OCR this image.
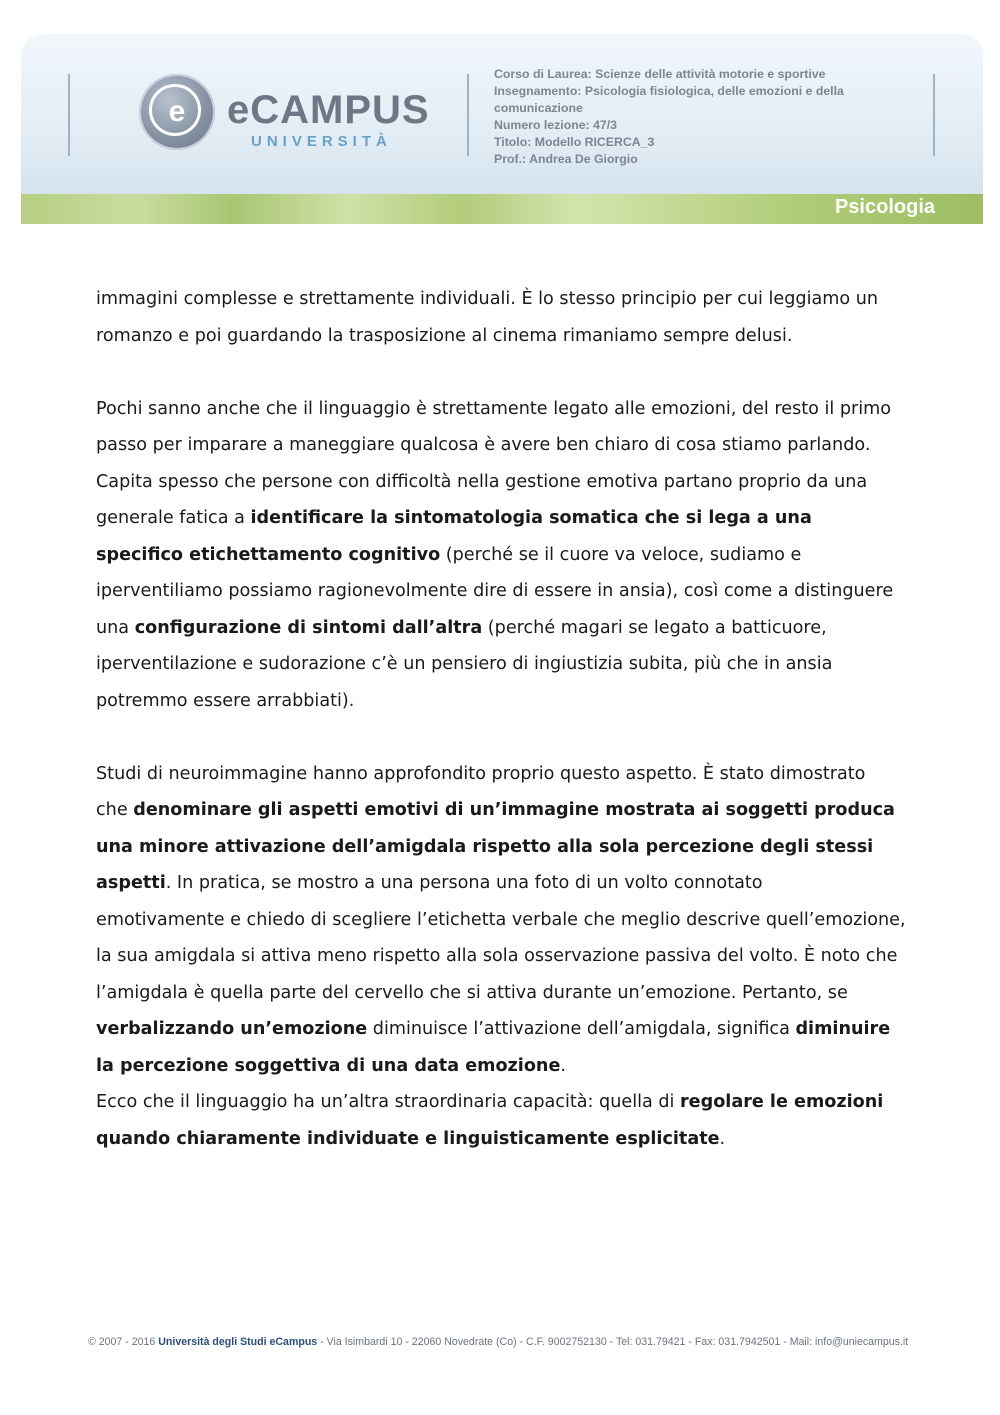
e	eCAMPUS
UNIVERSITÀ
Corso di Laurea: Scienze delle attività motorie e sportive
Insegnamento: Psicologia fisiologica, delle emozioni e della
comunicazione
Numero lezione: 47/3
Titolo: Modello RICERCA_3
Prof.: Andrea De Giorgio
Psicologia

immagini complesse e strettamente individuali. È lo stesso principio per cui leggiamo un
romanzo e poi guardando la trasposizione al cinema rimaniamo sempre delusi.

Pochi sanno anche che il linguaggio è strettamente legato alle emozioni, del resto il primo
passo per imparare a maneggiare qualcosa è avere ben chiaro di cosa stiamo parlando.
Capita spesso che persone con difficoltà nella gestione emotiva partano proprio da una
generale fatica a identificare la sintomatologia somatica che si lega a una
specifico etichettamento cognitivo (perché se il cuore va veloce, sudiamo e
iperventiliamo possiamo ragionevolmente dire di essere in ansia), così come a distinguere
una configurazione di sintomi dall’altra (perché magari se legato a batticuore,
iperventilazione e sudorazione c’è un pensiero di ingiustizia subita, più che in ansia
potremmo essere arrabbiati).

Studi di neuroimmagine hanno approfondito proprio questo aspetto. È stato dimostrato
che denominare gli aspetti emotivi di un’immagine mostrata ai soggetti produca
una minore attivazione dell’amigdala rispetto alla sola percezione degli stessi
aspetti. In pratica, se mostro a una persona una foto di un volto connotato
emotivamente e chiedo di scegliere l’etichetta verbale che meglio descrive quell’emozione,
la sua amigdala si attiva meno rispetto alla sola osservazione passiva del volto. È noto che
l’amigdala è quella parte del cervello che si attiva durante un’emozione. Pertanto, se
verbalizzando un’emozione diminuisce l’attivazione dell’amigdala, significa diminuire
la percezione soggettiva di una data emozione.

Ecco che il linguaggio ha un’altra straordinaria capacità: quella di regolare le emozioni
quando chiaramente individuate e linguisticamente esplicitate.

© 2007 - 2016 Università degli Studi eCampus - Via Isimbardi 10 - 22060 Novedrate (Co) - C.F. 9002752130 - Tel: 031.79421 - Fax: 031.7942501 - Mail: info@uniecampus.it
